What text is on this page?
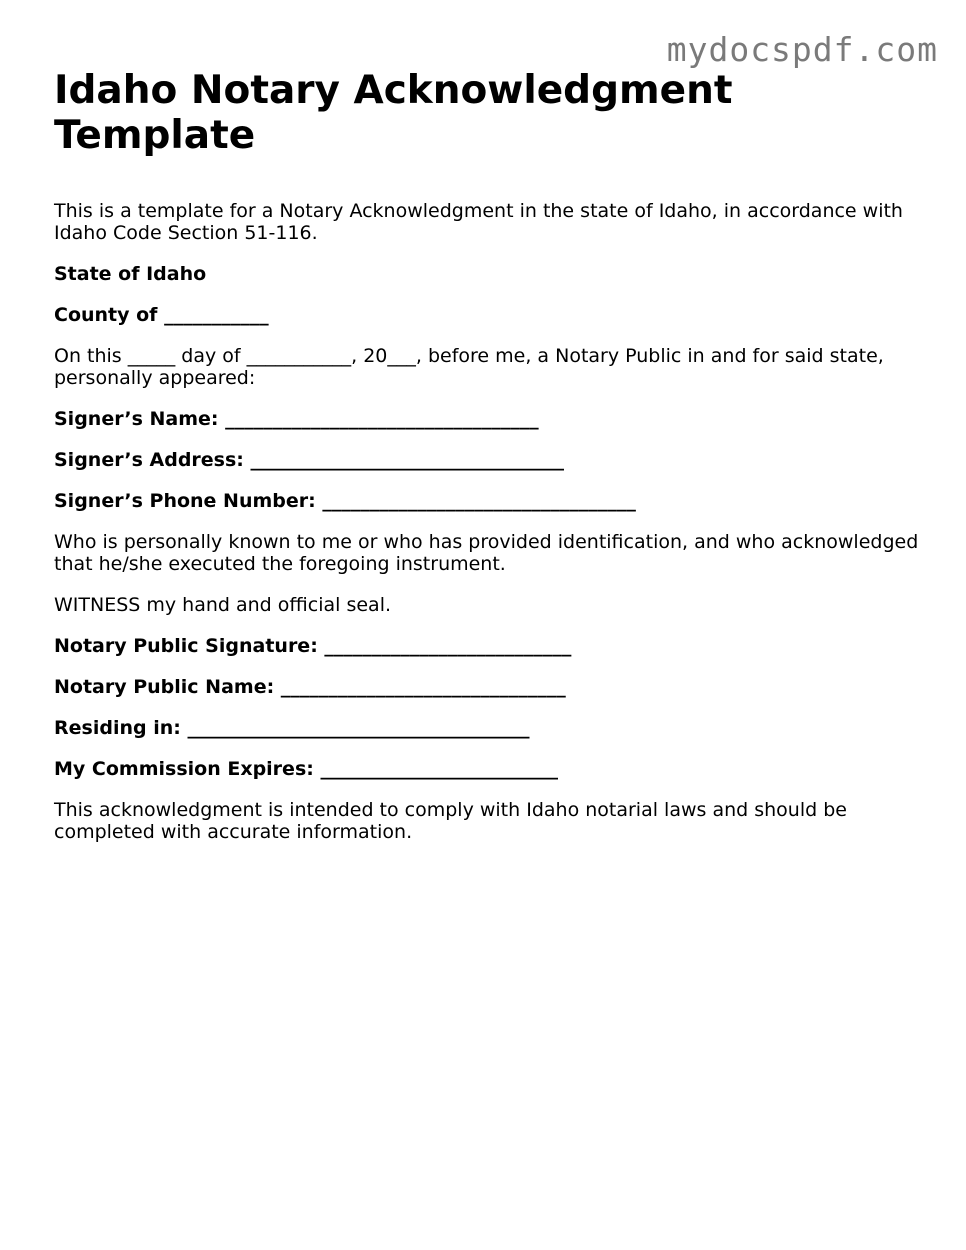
mydocspdf.com
Idaho Notary Acknowledgment Template

This is a template for a Notary Acknowledgment in the state of Idaho, in accordance with Idaho Code Section 51-116.

State of Idaho

County of ___________

On this _____ day of ___________, 20___, before me, a Notary Public in and for said state, personally appeared:

Signer’s Name: _________________________________

Signer’s Address: _________________________________

Signer’s Phone Number: _________________________________

Who is personally known to me or who has provided identification, and who acknowledged that he/she executed the foregoing instrument.

WITNESS my hand and official seal.

Notary Public Signature: __________________________

Notary Public Name: ______________________________

Residing in: ____________________________________

My Commission Expires: _________________________

This acknowledgment is intended to comply with Idaho notarial laws and should be completed with accurate information.
